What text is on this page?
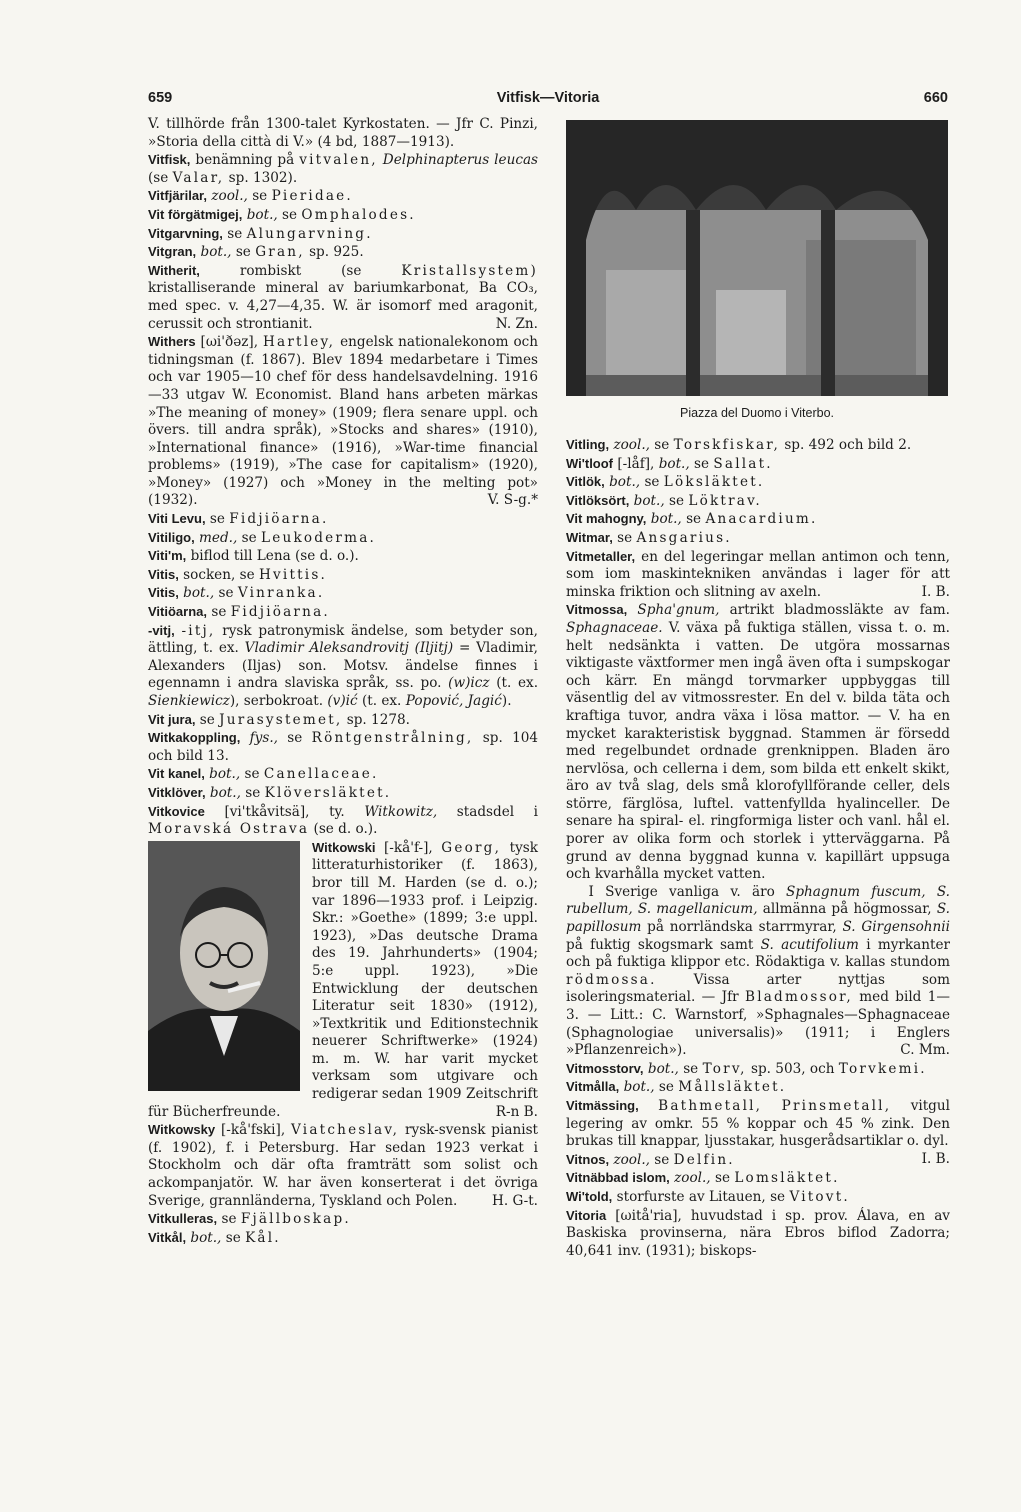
659	Vitfisk—Vitoria	660

V. tillhörde från 1300-talet Kyrkostaten. — Jfr C. Pinzi, »Storia della città di V.» (4 bd, 1887—1913).

Vitfisk, benämning på vitvalen, Delphinapterus leucas (se Valar, sp. 1302).

Vitfjärilar, zool., se Pieridae.

Vit förgätmigej, bot., se Omphalodes.

Vitgarvning, se Alungarvning.

Vitgran, bot., se Gran, sp. 925.

Witherit,	rombiskt (se	Kristallsystem) kristalliserande mineral av bariumkarbonat, Ba CO₃, med spec. v. 4,27—4,35. W. är isomorf med aragonit, cerussit och strontianit.	N. Zn.

Withers [ωi'ðəz], Hartley, engelsk nationalekonom och tidningsman (f. 1867). Blev 1894 medarbetare i Times och var 1905—10 chef för dess handelsavdelning. 1916—33 utgav W. Economist. Bland hans arbeten märkas »The meaning of money» (1909; flera senare uppl. och övers. till andra språk), »Stocks and shares» (1910), »International finance» (1916), »War-time financial problems» (1919), »The case for capitalism» (1920), »Money» (1927) och »Money in the melting pot» (1932).	V. S-g.*

Viti Levu, se Fidjiöarna.

Vitiligo, med., se Leukoderma.

Viti'm, biflod till Lena (se d. o.).

Vitis, socken, se Hvittis.

Vitis, bot., se Vinranka.

Vitiöarna, se Fidjiöarna.

-vitj, -itj, rysk patronymisk ändelse, som betyder son, ättling, t. ex. Vladimir Aleksandrovitj (Iljitj) = Vladimir, Alexanders (Iljas) son. Motsv. ändelse finnes i egennamn i andra slaviska språk, ss. po. (w)icz (t. ex. Sienkiewicz), serbokroat. (v)ić (t. ex. Popović, Jagić).

Vit jura, se Jurasystemet, sp. 1278.

Witkakoppling, fys., se Röntgenstrålning, sp. 104 och bild 13.

Vit kanel, bot., se Canellaceae.

Vitklöver, bot., se Klöversläktet.

Vitkovice [vi'tkåvitsä], ty. Witkowitz, stadsdel i Moravská Ostrava (se d. o.).

Witkowski [-kå'f-], Georg, tysk litteraturhistoriker (f. 1863), bror till M. Harden (se d. o.); var 1896—1933 prof. i Leipzig. Skr.: »Goethe» (1899; 3:e uppl. 1923), »Das deutsche Drama des 19. Jahrhunderts» (1904; 5:e uppl. 1923), »Die Entwicklung der deutschen Literatur seit 1830» (1912), »Textkritik und Editionstechnik neuerer Schriftwerke» (1924) m. m. W. har varit mycket verksam som utgivare och redigerar sedan 1909 Zeitschrift für Bücherfreunde.	R-n B.

Witkowsky [-kå'fski], Viatcheslav, rysk-svensk pianist (f. 1902), f. i Petersburg. Har sedan 1923 verkat i Stockholm och där ofta framträtt som solist och ackompanjatör. W. har även konserterat i det övriga Sverige, grannländerna, Tyskland och Polen.	H. G-t.

Vitkulleras, se Fjällboskap.

Vitkål, bot., se Kål.

Piazza del Duomo i Viterbo.

Vitling, zool., se Torskfiskar, sp. 492 och bild 2.

Wi'tloof [-låf], bot., se Sallat.

Vitlök, bot., se Löksläktet.

Vitlöksört, bot., se Löktrav.

Vit mahogny, bot., se Anacardium.

Witmar, se Ansgarius.

Vitmetaller, en del legeringar mellan antimon och tenn, som iom maskintekniken användas i lager för att minska friktion och slitning av axeln.	I. B.

Vitmossa, Spha'gnum, artrikt bladmossläkte av fam. Sphagnaceae. V. växa på fuktiga ställen, vissa t. o. m. helt nedsänkta i vatten. De utgöra mossarnas viktigaste växtformer men ingå även ofta i sumpskogar och kärr. En mängd torvmarker uppbyggas till väsentlig del av vitmossrester. En del v. bilda täta och kraftiga tuvor, andra växa i lösa mattor. — V. ha en mycket karakteristisk byggnad. Stammen är försedd med regelbundet ordnade grenknippen. Bladen äro nervlösa, och cellerna i dem, som bilda ett enkelt skikt, äro av två slag, dels små klorofyllförande celler, dels större, färglösa, luftel. vattenfyllda hyalinceller. De senare ha spiral- el. ringformiga lister och vanl. hål el. porer av olika form och storlek i ytterväggarna. På grund av denna byggnad kunna v. kapillärt uppsuga och kvarhålla mycket vatten.

I Sverige vanliga v. äro Sphagnum fuscum, S. rubellum, S. magellanicum, allmänna på högmossar, S. papillosum på norrländska starrmyrar, S. Girgensohnii på fuktig skogsmark samt S. acutifolium i myrkanter och på fuktiga klippor etc. Rödaktiga v. kallas stundom rödmossa.	Vissa arter nyttjas som isoleringsmaterial. — Jfr Bladmossor, med bild 1—3. — Litt.: C. Warnstorf, »Sphagnales—Sphagnaceae (Sphagnologiae universalis)» (1911; i Englers »Pflanzenreich»).	C. Mm.

Vitmosstorv, bot., se Torv, sp. 503, och Torvkemi.

Vitmålla, bot., se Mållsläktet.

Vitmässing, Bathmetall, Prinsmetall, vitgul legering av omkr. 55 % koppar och 45 % zink. Den brukas till knappar, ljusstakar, husgerådsartiklar o. dyl.
I. B.

Vitnos, zool., se Delfin.

Vitnäbbad islom, zool., se Lomsläktet.

Wi'told, storfurste av Litauen, se Vitovt.

Vitoria [ωitå'ria], huvudstad i sp. prov. Álava, en av Baskiska provinserna, nära Ebros biflod Zadorra; 40,641 inv. (1931); biskops-
